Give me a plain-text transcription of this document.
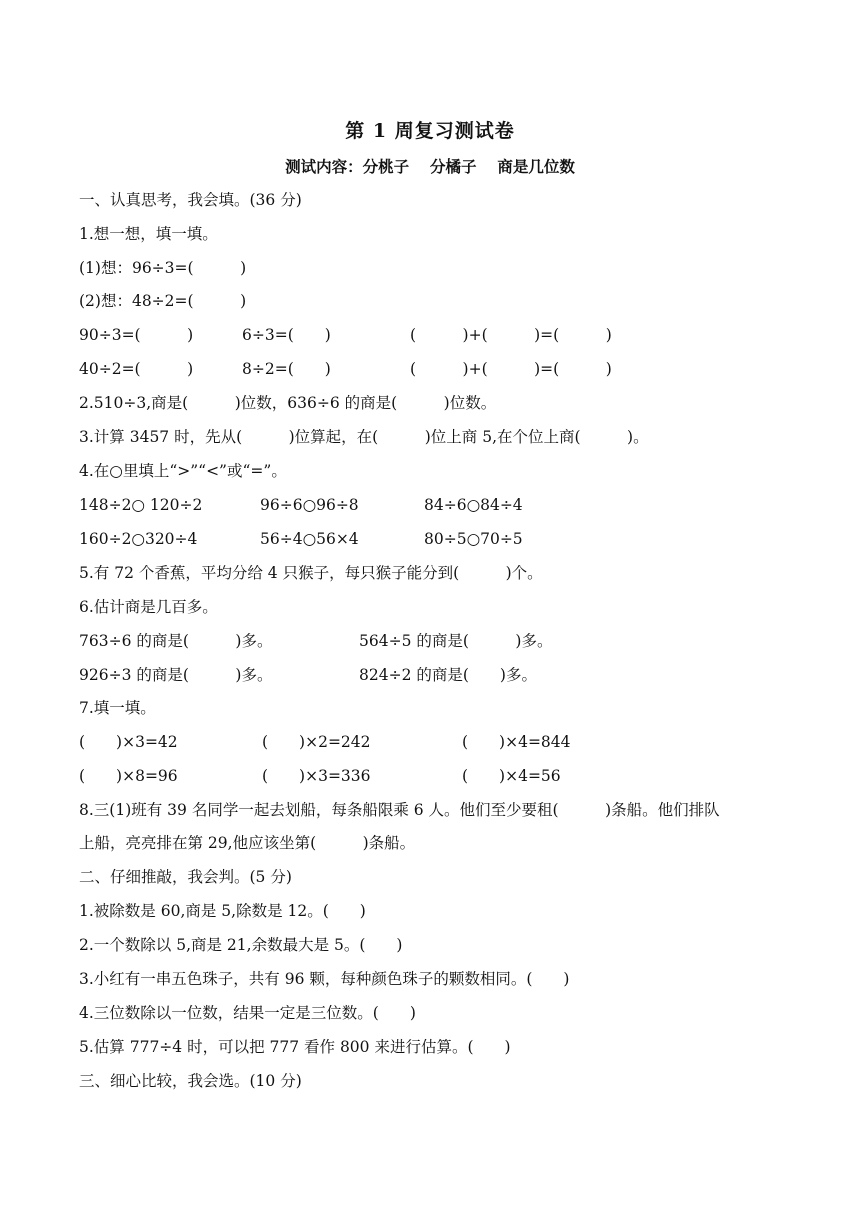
第 1 周复习测试卷
测试内容：分桃子　 分橘子　 商是几位数
一、认真思考，我会填。(36 分)
1.想一想，填一填。
(1)想：96÷3=(　　　)
(2)想：48÷2=(　　　)
90÷3=(　　　)	6÷3=(　　)	(　　　)+(　　　)=(　　　)
40÷2=(　　　)	8÷2=(　　)	(　　　)+(　　　)=(　　　)
2.510÷3,商是(　　　)位数，636÷6 的商是(　　　)位数。
3.计算 3457 时，先从(　　　)位算起，在(　　　)位上商 5,在个位上商(　　　)。
4.在○里填上“>”“<”或“=”。
148÷2○ 120÷2	96÷6○96÷8	84÷6○84÷4
160÷2○320÷4	56÷4○56×4	80÷5○70÷5
5.有 72 个香蕉，平均分给 4 只猴子，每只猴子能分到(　　　)个。
6.估计商是几百多。
763÷6 的商是(　　　)多。	564÷5 的商是(　　　)多。
926÷3 的商是(　　　)多。	824÷2 的商是(　　)多。
7.填一填。
(　　)×3=42	(　　)×2=242	(　　)×4=844
(　　)×8=96	(　　)×3=336	(　　)×4=56
8.三(1)班有 39 名同学一起去划船，每条船限乘 6 人。他们至少要租(　　　)条船。他们排队
上船，亮亮排在第 29,他应该坐第(　　　)条船。
二、仔细推敲，我会判。(5 分)
1.被除数是 60,商是 5,除数是 12。(　　)
2.一个数除以 5,商是 21,余数最大是 5。(　　)
3.小红有一串五色珠子，共有 96 颗，每种颜色珠子的颗数相同。(　　)
4.三位数除以一位数，结果一定是三位数。(　　)
5.估算 777÷4 时，可以把 777 看作 800 来进行估算。(　　)
三、细心比较，我会选。(10 分)
